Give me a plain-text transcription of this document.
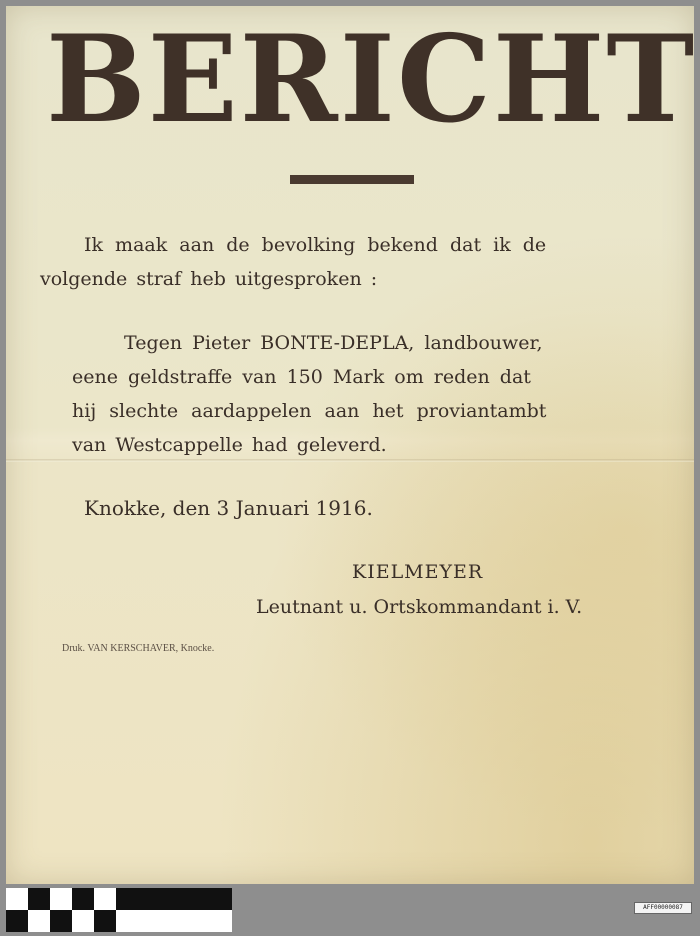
BERICHT
Ik maak aan de bevolking bekend dat ik de
volgende straf heb uitgesproken :
Tegen Pieter BONTE-DEPLA, landbouwer,
eene geldstraffe van 150 Mark om reden dat
hij slechte aardappelen aan het proviantambt
van Westcappelle had geleverd.
Knokke, den 3 Januari 1916.
KIELMEYER
Leutnant u. Ortskommandant i. V.
Druk. VAN KERSCHAVER, Knocke.
AFF00000087
